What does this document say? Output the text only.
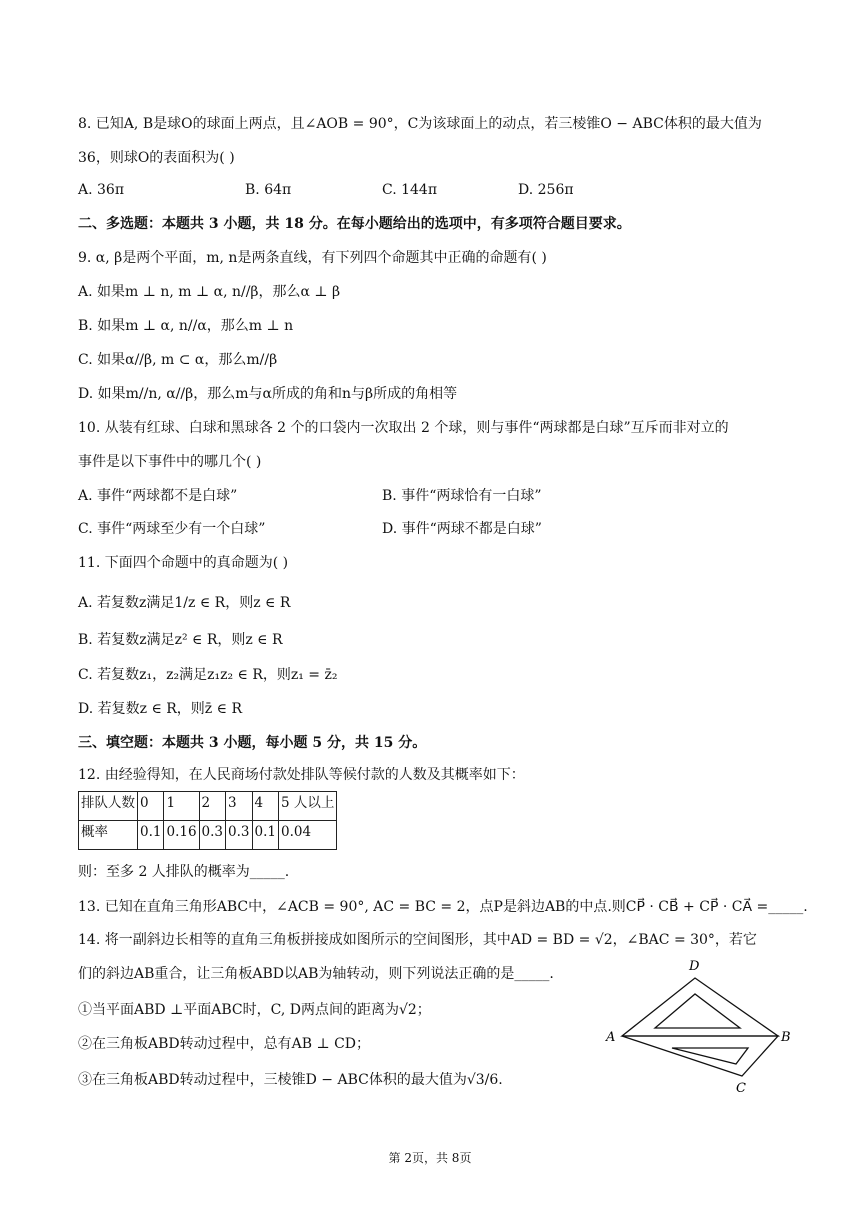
8. 已知A, B是球O的球面上两点，且∠AOB = 90°，C为该球面上的动点，若三棱锥O − ABC体积的最大值为
36，则球O的表面积为( )
A. 36π	B. 64π	C. 144π	D. 256π
二、多选题：本题共 3 小题，共 18 分。在每小题给出的选项中，有多项符合题目要求。
9. α, β是两个平面，m, n是两条直线，有下列四个命题其中正确的命题有( )
A. 如果m ⊥ n, m ⊥ α, n//β，那么α ⊥ β
B. 如果m ⊥ α, n//α，那么m ⊥ n
C. 如果α//β, m ⊂ α，那么m//β
D. 如果m//n, α//β，那么m与α所成的角和n与β所成的角相等
10. 从装有红球、白球和黑球各 2 个的口袋内一次取出 2 个球，则与事件“两球都是白球”互斥而非对立的
事件是以下事件中的哪几个( )
A. 事件“两球都不是白球”	B. 事件“两球恰有一白球”
C. 事件“两球至少有一个白球”	D. 事件“两球不都是白球”
11. 下面四个命题中的真命题为( )
A. 若复数z满足1/z ∈ R，则z ∈ R
B. 若复数z满足z² ∈ R，则z ∈ R
C. 若复数z₁，z₂满足z₁z₂ ∈ R，则z₁ = z̄₂
D. 若复数z ∈ R，则z̄ ∈ R
三、填空题：本题共 3 小题，每小题 5 分，共 15 分。
12. 由经验得知，在人民商场付款处排队等候付款的人数及其概率如下：
排队人数	0	1	2	3	4	5 人以上
概率	0.1	0.16	0.3	0.3	0.1	0.04
则：至多 2 人排队的概率为_____.
13. 已知在直角三角形ABC中，∠ACB = 90°, AC = BC = 2，点P是斜边AB的中点.则CP⃗ · CB⃗ + CP⃗ · CA⃗ =_____.
14. 将一副斜边长相等的直角三角板拼接成如图所示的空间图形，其中AD = BD = √2，∠BAC = 30°，若它
们的斜边AB重合，让三角板ABD以AB为轴转动，则下列说法正确的是_____.
①当平面ABD ⊥平面ABC时，C, D两点间的距离为√2；
②在三角板ABD转动过程中，总有AB ⊥ CD；
③在三角板ABD转动过程中，三棱锥D − ABC体积的最大值为√3/6.
D
A	B
C
第 2页，共 8页
